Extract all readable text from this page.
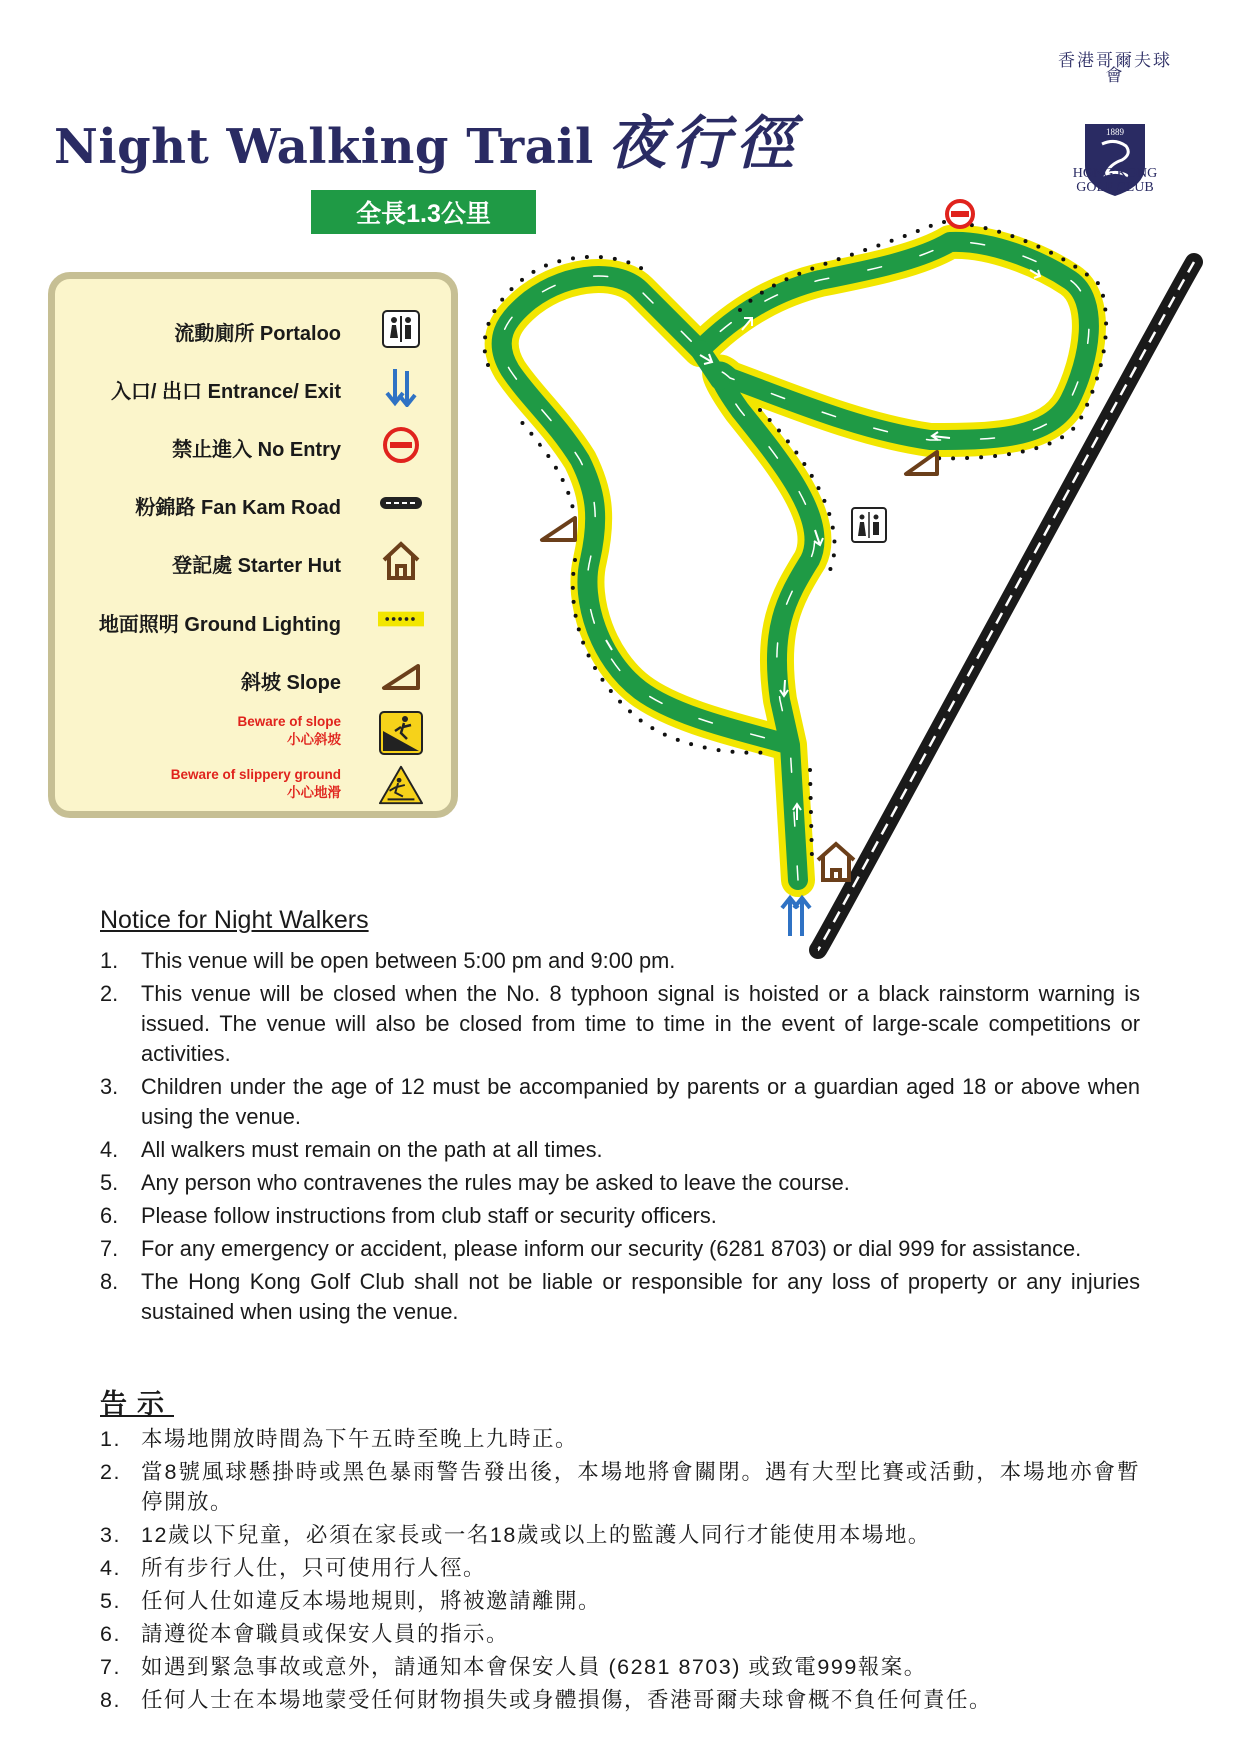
Night Walking Trail 夜行徑
全長1.3公里
1889
香港哥爾夫球會
HONG KONG
GOLF CLUB
流動廁所 Portaloo
入口/ 出口 Entrance/ Exit
禁止進入 No Entry
粉錦路 Fan Kam Road
登記處 Starter Hut
地面照明 Ground Lighting
斜坡 Slope
Beware of slope
小心斜坡
Beware of slippery ground
小心地滑
Notice for Night Walkers
1. This venue will be open between 5:00 pm and 9:00 pm.
2. This venue will be closed when the No. 8 typhoon signal is hoisted or a black rainstorm warning is issued. The venue will also be closed from time to time in the event of large-scale competitions or activities.
3. Children under the age of 12 must be accompanied by parents or a guardian aged 18 or above when using the venue.
4. All walkers must remain on the path at all times.
5. Any person who contravenes the rules may be asked to leave the course.
6. Please follow instructions from club staff or security officers.
7. For any emergency or accident, please inform our security (6281 8703) or dial 999 for assistance.
8. The Hong Kong Golf Club shall not be liable or responsible for any loss of property or any injuries sustained when using the venue.
告示
1. 本場地開放時間為下午五時至晚上九時正。
2. 當8號風球懸掛時或黑色暴雨警告發出後，本場地將會關閉。遇有大型比賽或活動，本場地亦會暫停開放。
3. 12歲以下兒童，必須在家長或一名18歲或以上的監護人同行才能使用本場地。
4. 所有步行人仕，只可使用行人徑。
5. 任何人仕如違反本場地規則，將被邀請離開。
6. 請遵從本會職員或保安人員的指示。
7. 如遇到緊急事故或意外，請通知本會保安人員 (6281 8703) 或致電999報案。
8. 任何人士在本場地蒙受任何財物損失或身體損傷，香港哥爾夫球會概不負任何責任。
